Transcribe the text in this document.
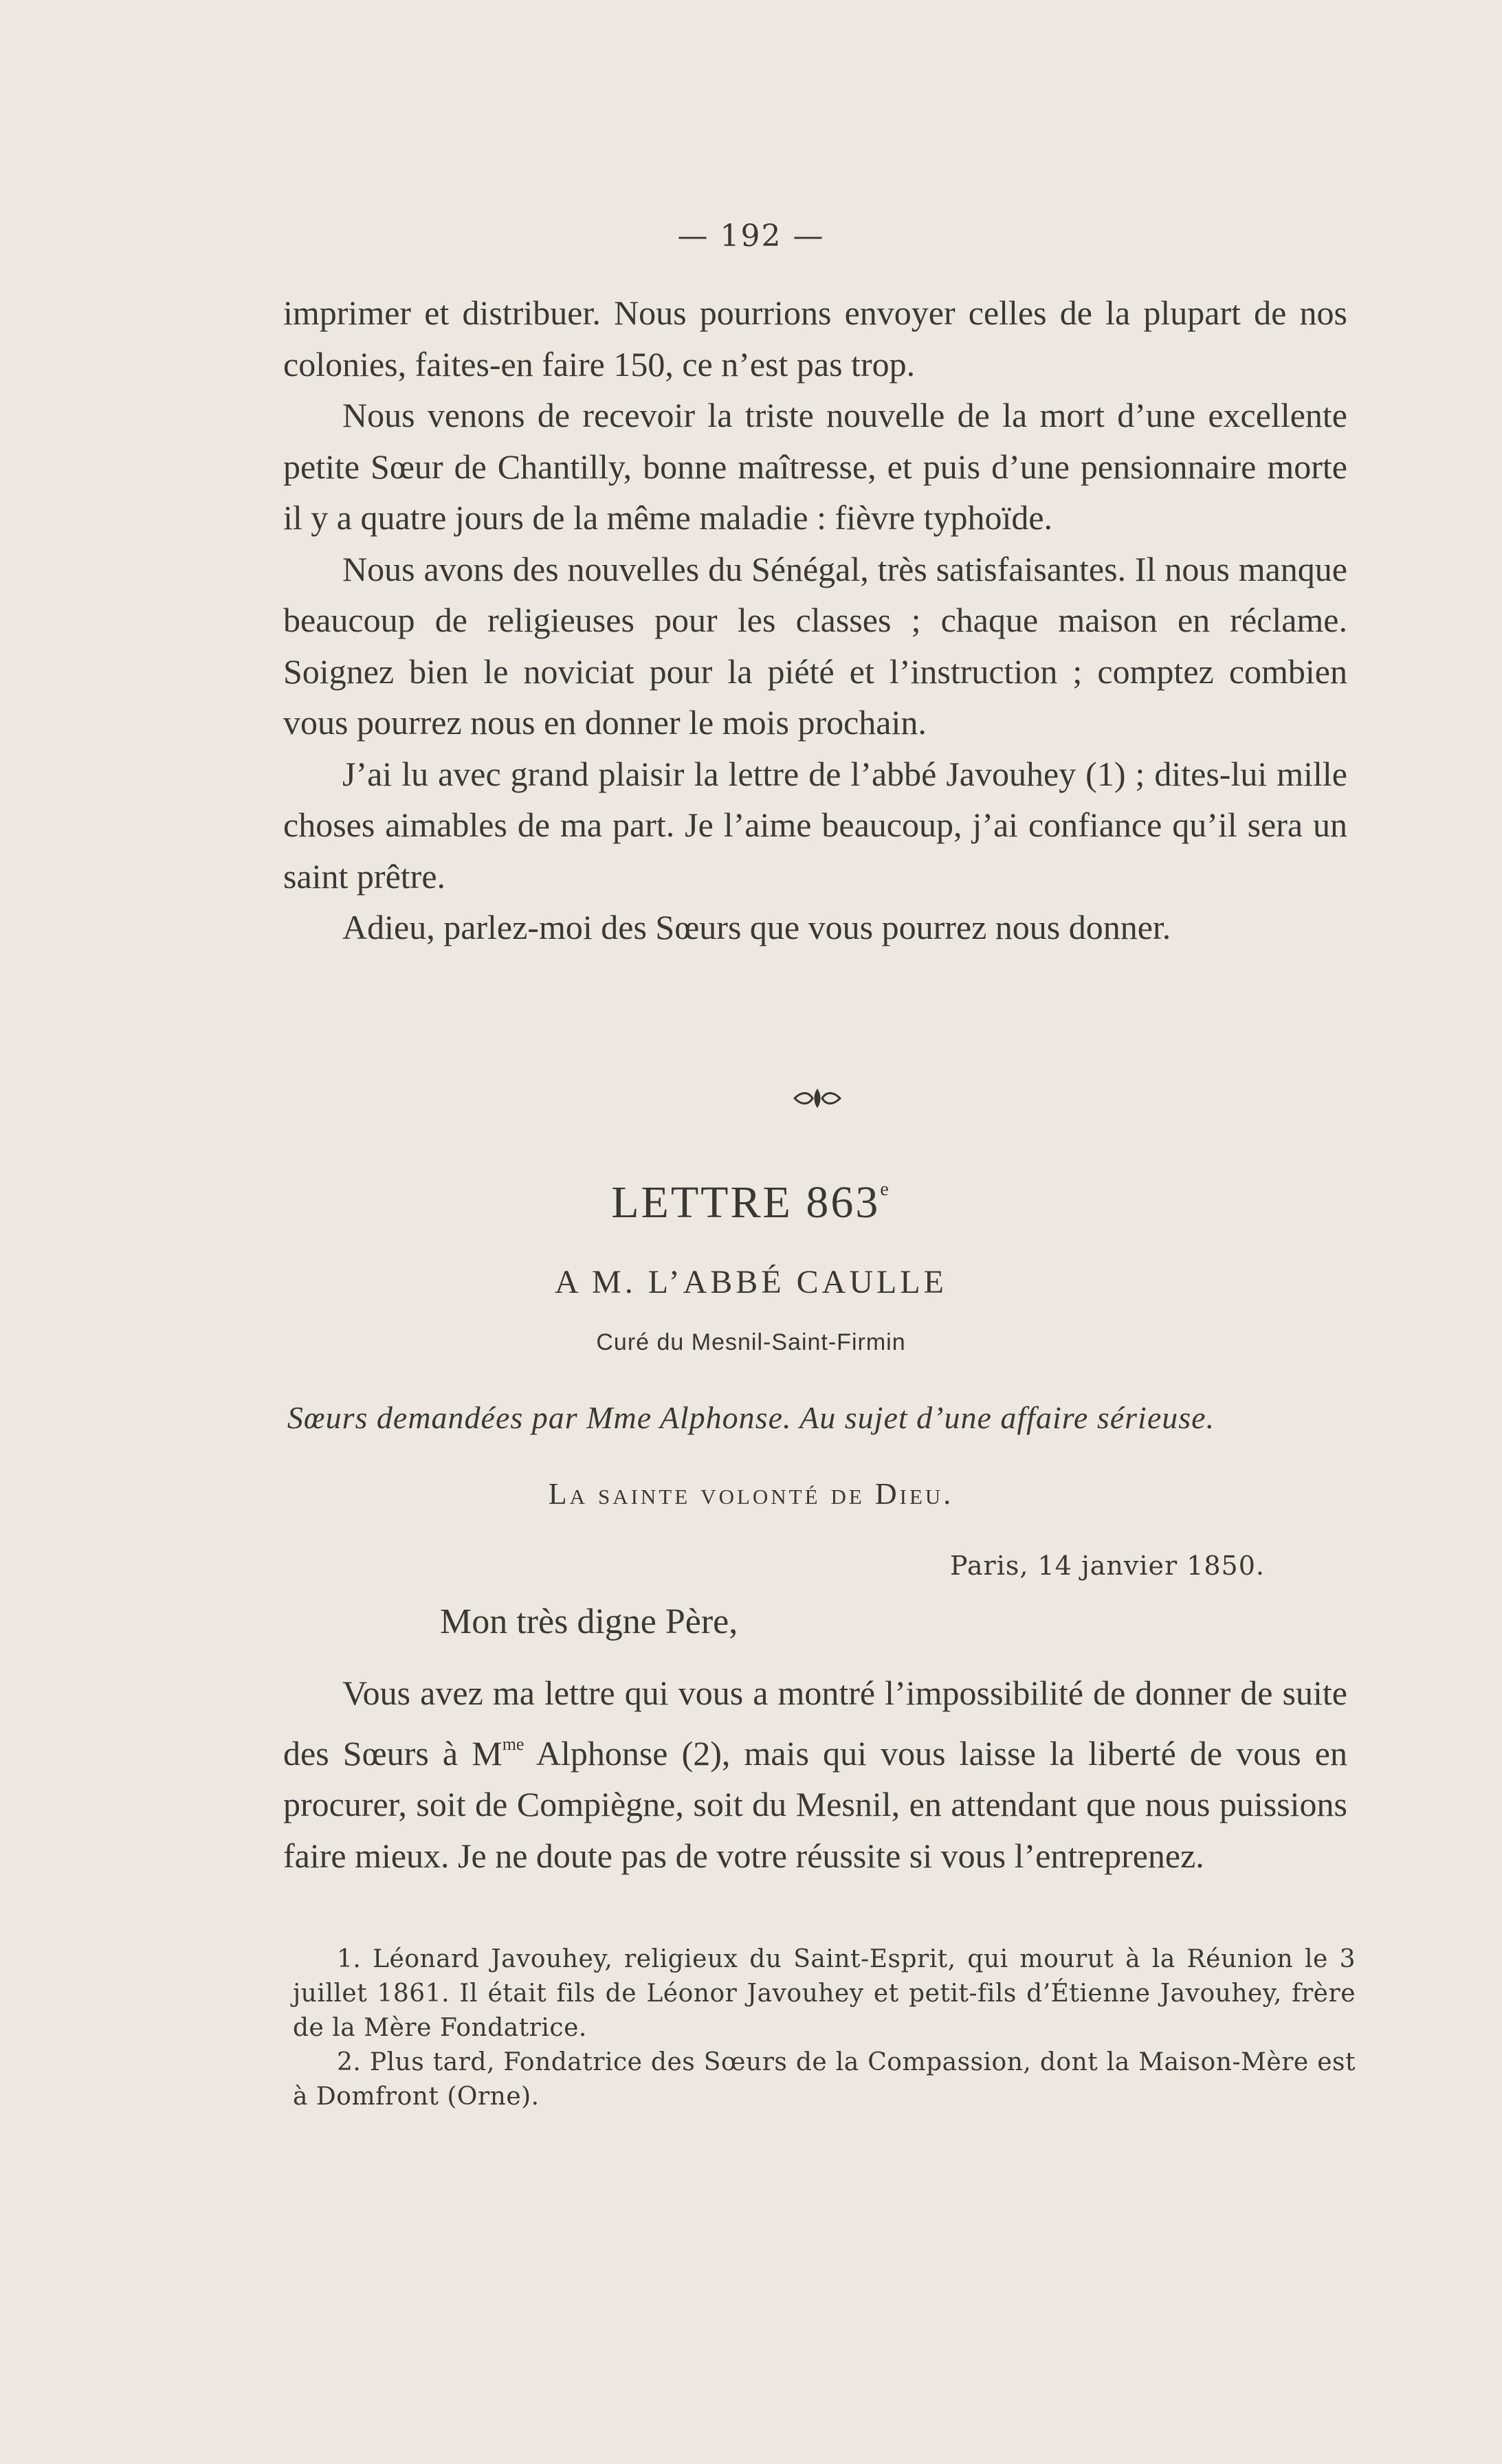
— 192 —

imprimer et distribuer. Nous pourrions envoyer celles de la plupart de nos colonies, faites-en faire 150, ce n’est pas trop.

Nous venons de recevoir la triste nouvelle de la mort d’une excellente petite Sœur de Chantilly, bonne maîtresse, et puis d’une pensionnaire morte il y a quatre jours de la même maladie : fièvre typhoïde.

Nous avons des nouvelles du Sénégal, très satisfaisantes. Il nous manque beaucoup de religieuses pour les classes ; chaque maison en réclame. Soignez bien le noviciat pour la piété et l’instruction ; comptez combien vous pourrez nous en donner le mois prochain.

J’ai lu avec grand plaisir la lettre de l’abbé Javouhey (1) ; dites-lui mille choses aimables de ma part. Je l’aime beaucoup, j’ai confiance qu’il sera un saint prêtre.

Adieu, parlez-moi des Sœurs que vous pourrez nous donner.

LETTRE 863e
A M. L’ABBÉ CAULLE
Curé du Mesnil-Saint-Firmin
Sœurs demandées par Mme Alphonse. Au sujet d’une affaire sérieuse.
La sainte volonté de Dieu.
Paris, 14 janvier 1850.
Mon très digne Père,

Vous avez ma lettre qui vous a montré l’impossibilité de donner de suite des Sœurs à $M^{me}$ Alphonse (2), mais qui vous laisse la liberté de vous en procurer, soit de Compiègne, soit du Mesnil, en attendant que nous puissions faire mieux. Je ne doute pas de votre réussite si vous l’entreprenez.

1. Léonard Javouhey, religieux du Saint-Esprit, qui mourut à la Réunion le 3 juillet 1861. Il était fils de Léonor Javouhey et petit-fils d’Étienne Javouhey, frère de la Mère Fondatrice.

2. Plus tard, Fondatrice des Sœurs de la Compassion, dont la Maison-Mère est à Domfront (Orne).
